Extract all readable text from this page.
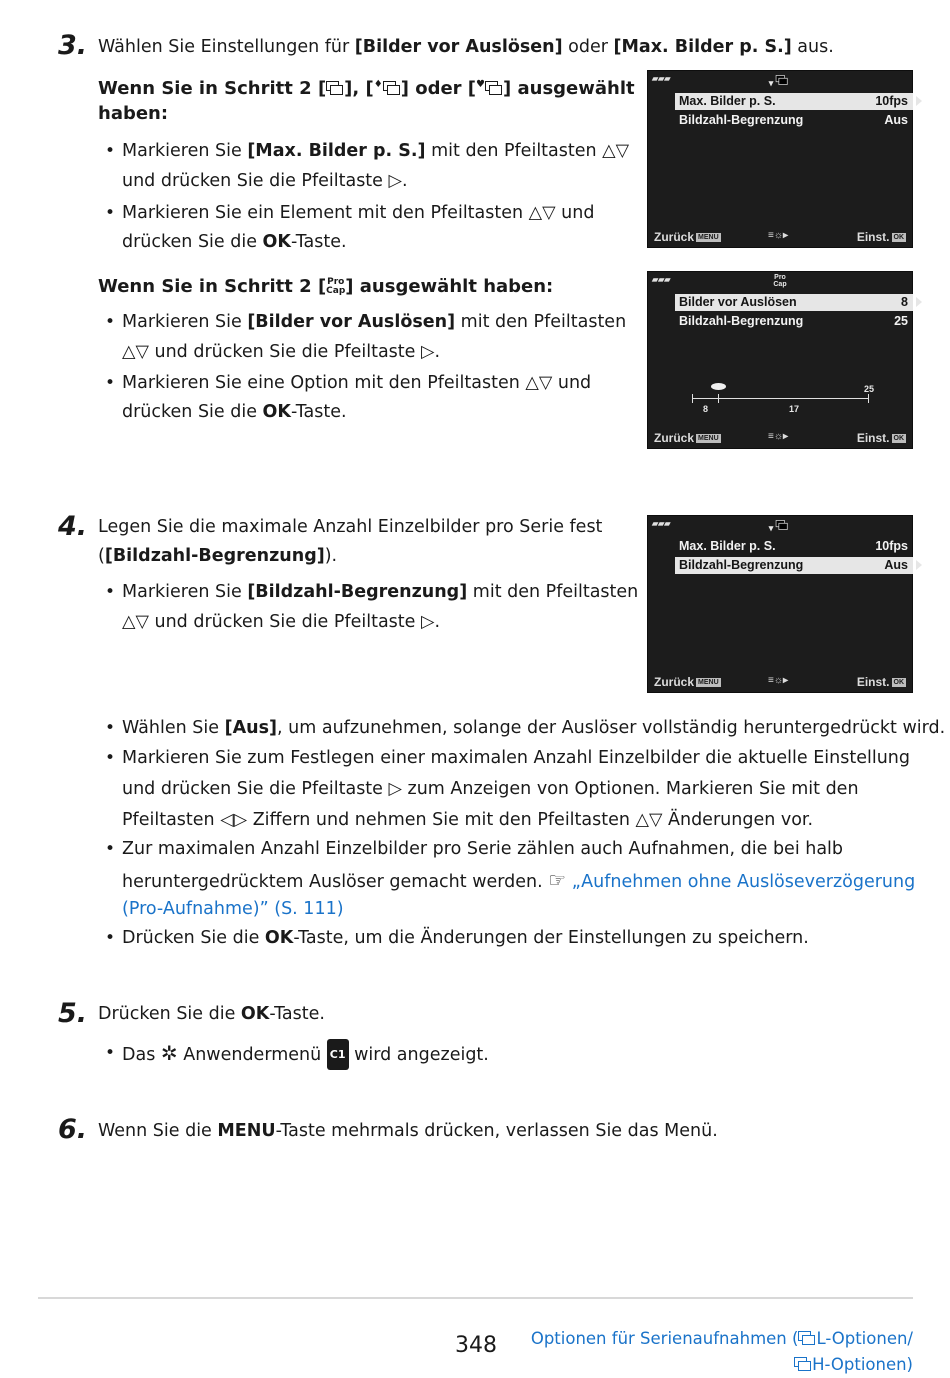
3. Wählen Sie Einstellungen für [Bilder vor Auslösen] oder [Max. Bilder p. S.] aus.
Wenn Sie in Schritt 2 [ ], [♦ ] oder [♥ ] ausgewählt
haben:
• Markieren Sie [Max. Bilder p. S.] mit den Pfeiltasten △▽
und drücken Sie die Pfeiltaste ▷.
• Markieren Sie ein Element mit den Pfeiltasten △▽ und
drücken Sie die OK-Taste.
Wenn Sie in Schritt 2 [Pro
Cap] ausgewählt haben:
• Markieren Sie [Bilder vor Auslösen] mit den Pfeiltasten
△▽ und drücken Sie die Pfeiltaste ▷.
• Markieren Sie eine Option mit den Pfeiltasten △▽ und
drücken Sie die OK-Taste.
▰▰▰	▾
Max. Bilder p. S.	10fps
Bildzahl-Begrenzung	Aus
Zurück MENU	≡☼▸	Einst. OK
▰▰▰	Pro
Cap
Bilder vor Auslösen	8
Bildzahl-Begrenzung	25
25
8	17
Zurück MENU	≡☼▸	Einst. OK
4. Legen Sie die maximale Anzahl Einzelbilder pro Serie fest
([Bildzahl-Begrenzung]).
• Markieren Sie [Bildzahl-Begrenzung] mit den Pfeiltasten
△▽ und drücken Sie die Pfeiltaste ▷.
▰▰▰	▾
Max. Bilder p. S.	10fps
Bildzahl-Begrenzung	Aus
Zurück MENU	≡☼▸	Einst. OK
• Wählen Sie [Aus], um aufzunehmen, solange der Auslöser vollständig heruntergedrückt wird.
• Markieren Sie zum Festlegen einer maximalen Anzahl Einzelbilder die aktuelle Einstellung
und drücken Sie die Pfeiltaste ▷ zum Anzeigen von Optionen. Markieren Sie mit den
Pfeiltasten ◁▷ Ziffern und nehmen Sie mit den Pfeiltasten △▽ Änderungen vor.
• Zur maximalen Anzahl Einzelbilder pro Serie zählen auch Aufnahmen, die bei halb
heruntergedrücktem Auslöser gemacht werden. ☞ „Aufnehmen ohne Auslöseverzögerung
(Pro-Aufnahme)” (S. 111)
• Drücken Sie die OK-Taste, um die Änderungen der Einstellungen zu speichern.
5. Drücken Sie die OK-Taste.
• Das ✲ Anwendermenü C1 wird angezeigt.
6. Wenn Sie die MENU-Taste mehrmals drücken, verlassen Sie das Menü.
348 Optionen für Serienaufnahmen ( L-Optionen/
H-Optionen)
